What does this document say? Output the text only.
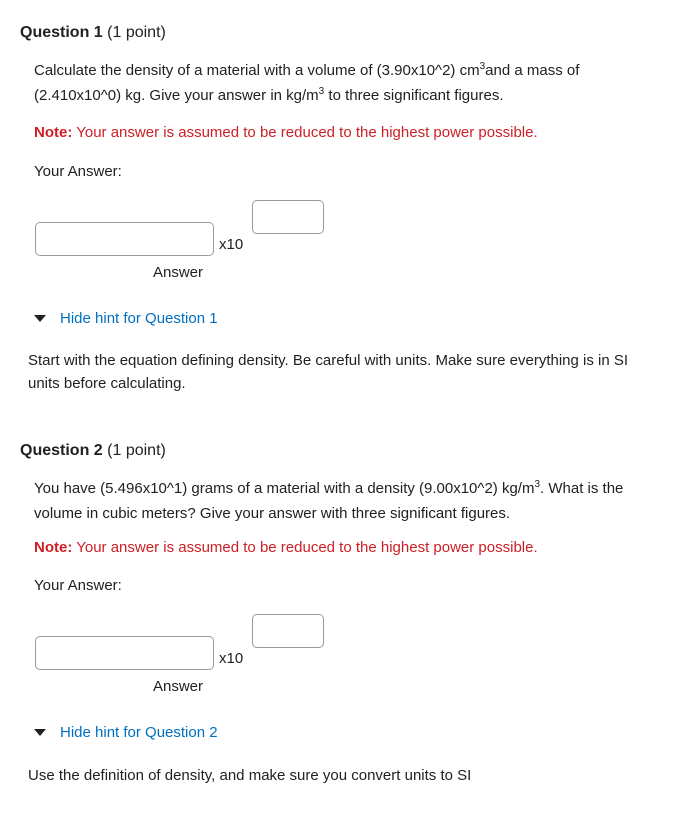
Question 1 (1 point)
Calculate the density of a material with a volume of (3.90x10^2) $cm^3and$ a mass of (2.410x10^0) kg. Give your answer in $kg/m^3$ to three significant figures.
Note: Your answer is assumed to be reduced to the highest power possible.
Your Answer:
x10
Answer
Hide hint for Question 1
Start with the equation defining density. Be careful with units. Make sure everything is in SI units before calculating.
Question 2 (1 point)
You have (5.496x10^1) grams of a material with a density (9.00x10^2) $kg/m^3$. What is the volume in cubic meters? Give your answer with three significant figures.
Note: Your answer is assumed to be reduced to the highest power possible.
Your Answer:
x10
Answer
Hide hint for Question 2
Use the definition of density, and make sure you convert units to SI
